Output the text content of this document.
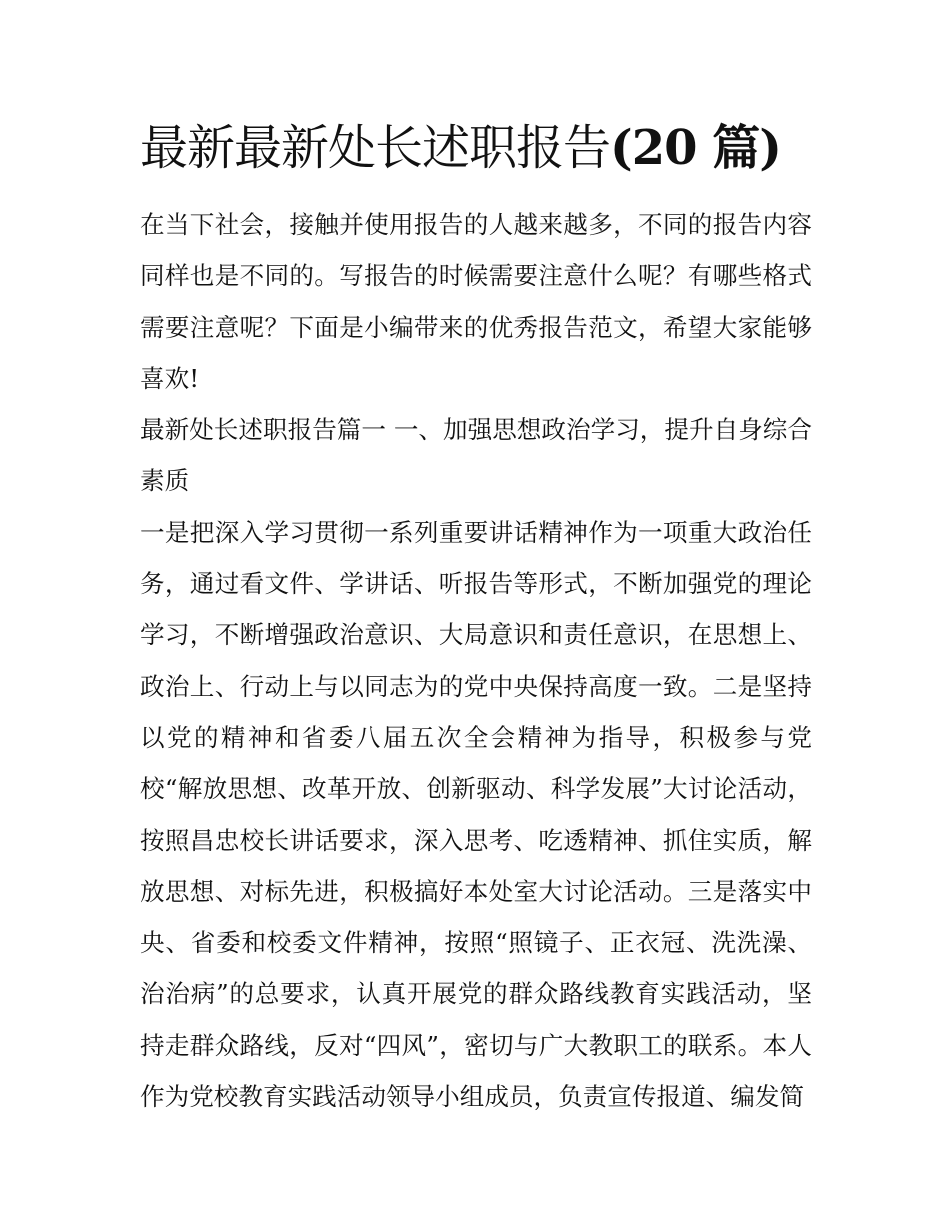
最新最新处长述职报告(20 篇)

在当下社会，接触并使用报告的人越来越多，不同的报告内容同样也是不同的。写报告的时候需要注意什么呢？有哪些格式需要注意呢？下面是小编带来的优秀报告范文，希望大家能够喜欢!

最新处长述职报告篇一 一、加强思想政治学习，提升自身综合素质

一是把深入学习贯彻一系列重要讲话精神作为一项重大政治任务，通过看文件、学讲话、听报告等形式，不断加强党的理论学习，不断增强政治意识、大局意识和责任意识，在思想上、政治上、行动上与以同志为的党中央保持高度一致。二是坚持以党的精神和省委八届五次全会精神为指导，积极参与党校“解放思想、改革开放、创新驱动、科学发展”大讨论活动，按照昌忠校长讲话要求，深入思考、吃透精神、抓住实质，解放思想、对标先进，积极搞好本处室大讨论活动。三是落实中央、省委和校委文件精神，按照“照镜子、正衣冠、洗洗澡、治治病”的总要求，认真开展党的群众路线教育实践活动，坚持走群众路线，反对“四风”，密切与广大教职工的联系。本人作为党校教育实践活动领导小组成员，负责宣传报道、编发简
